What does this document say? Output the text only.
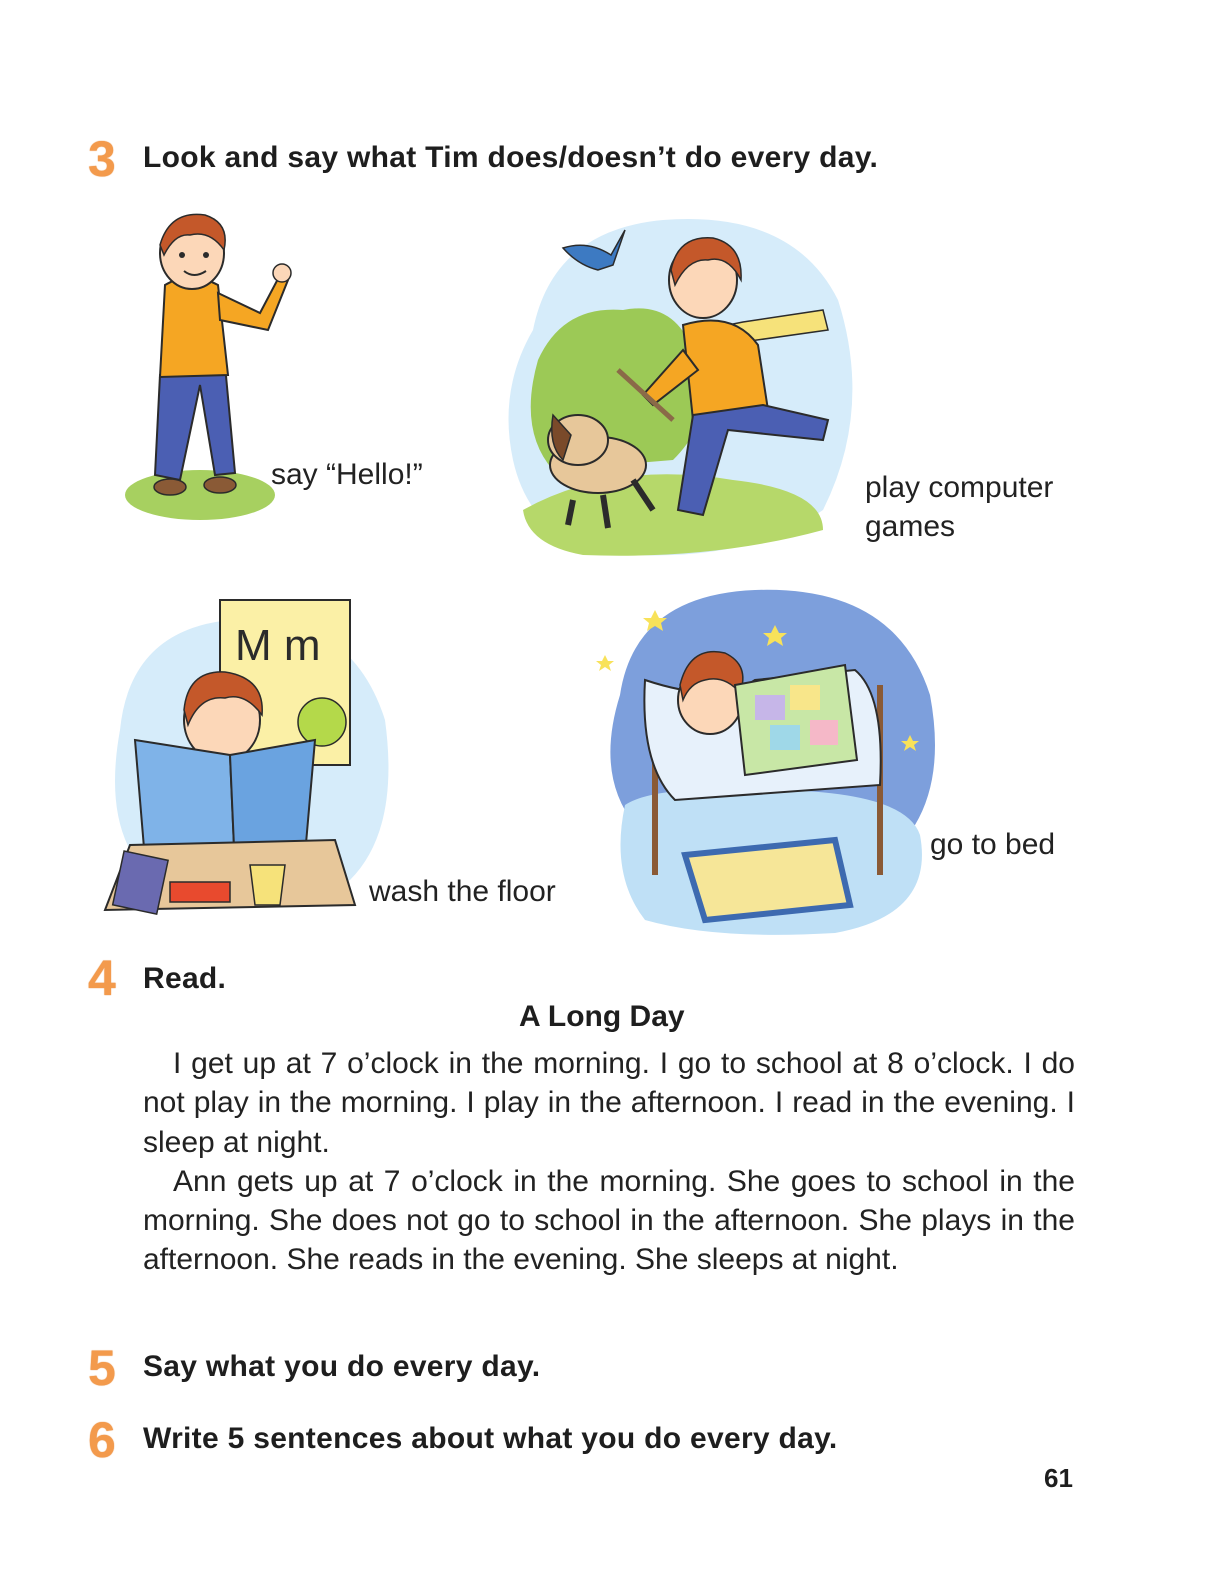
3 Look and say what Tim does/doesn’t do every day.
say “Hello!”	play computer
games
M m
wash the floor
go to bed
4 Read.
A Long Day

I get up at 7 o’clock in the morning. I go to school at 8 o’clock. I do not play in the morning. I play in the afternoon. I read in the evening. I sleep at night.

Ann gets up at 7 o’clock in the morning. She goes to school in the morning. She does not go to school in the afternoon. She plays in the afternoon. She reads in the evening. She sleeps at night.

5 Say what you do every day.
6 Write 5 sentences about what you do every day.
61
